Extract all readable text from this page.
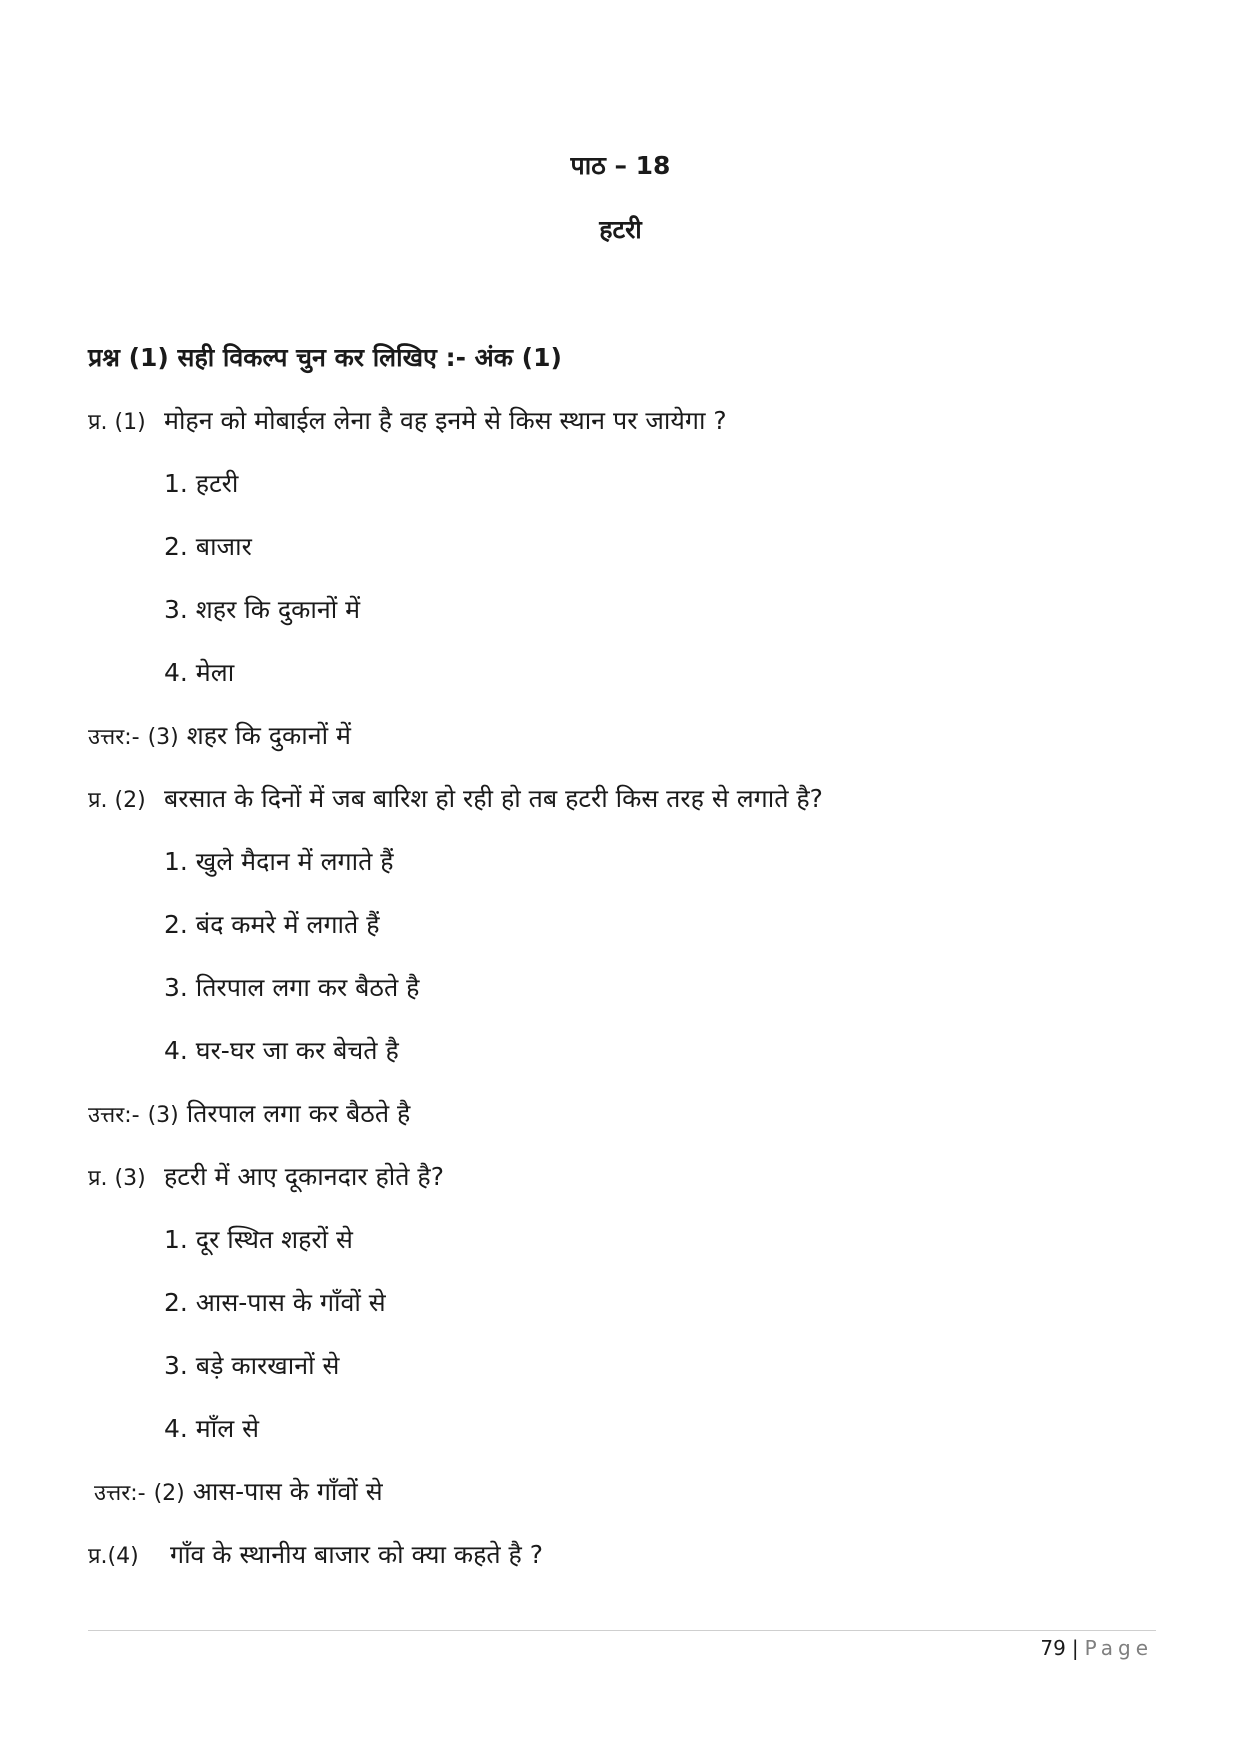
पाठ – 18
हटरी
प्रश्न (1) सही विकल्प चुन कर लिखिए :- अंक (1)
प्र. (1) मोहन को मोबाईल लेना है वह इनमे से किस स्थान पर जायेगा ?
1. हटरी
2. बाजार
3. शहर कि दुकानों में
4. मेला
उत्तर:- (3) शहर कि दुकानों में
प्र. (2) बरसात के दिनों में जब बारिश हो रही हो तब हटरी किस तरह से लगाते है?
1. खुले मैदान में लगाते हैं
2. बंद कमरे में लगाते हैं
3. तिरपाल लगा कर बैठते है
4. घर-घर जा कर बेचते है
उत्तर:- (3) तिरपाल लगा कर बैठते है
प्र. (3) हटरी में आए दूकानदार होते है?
1. दूर स्थित शहरों से
2. आस-पास के गाँवों से
3. बड़े कारखानों से
4. माँल से
उत्तर:- (2) आस-पास के गाँवों से
प्र.(4) गाँव के स्थानीय बाजार को क्या कहते है ?
79 | Page
